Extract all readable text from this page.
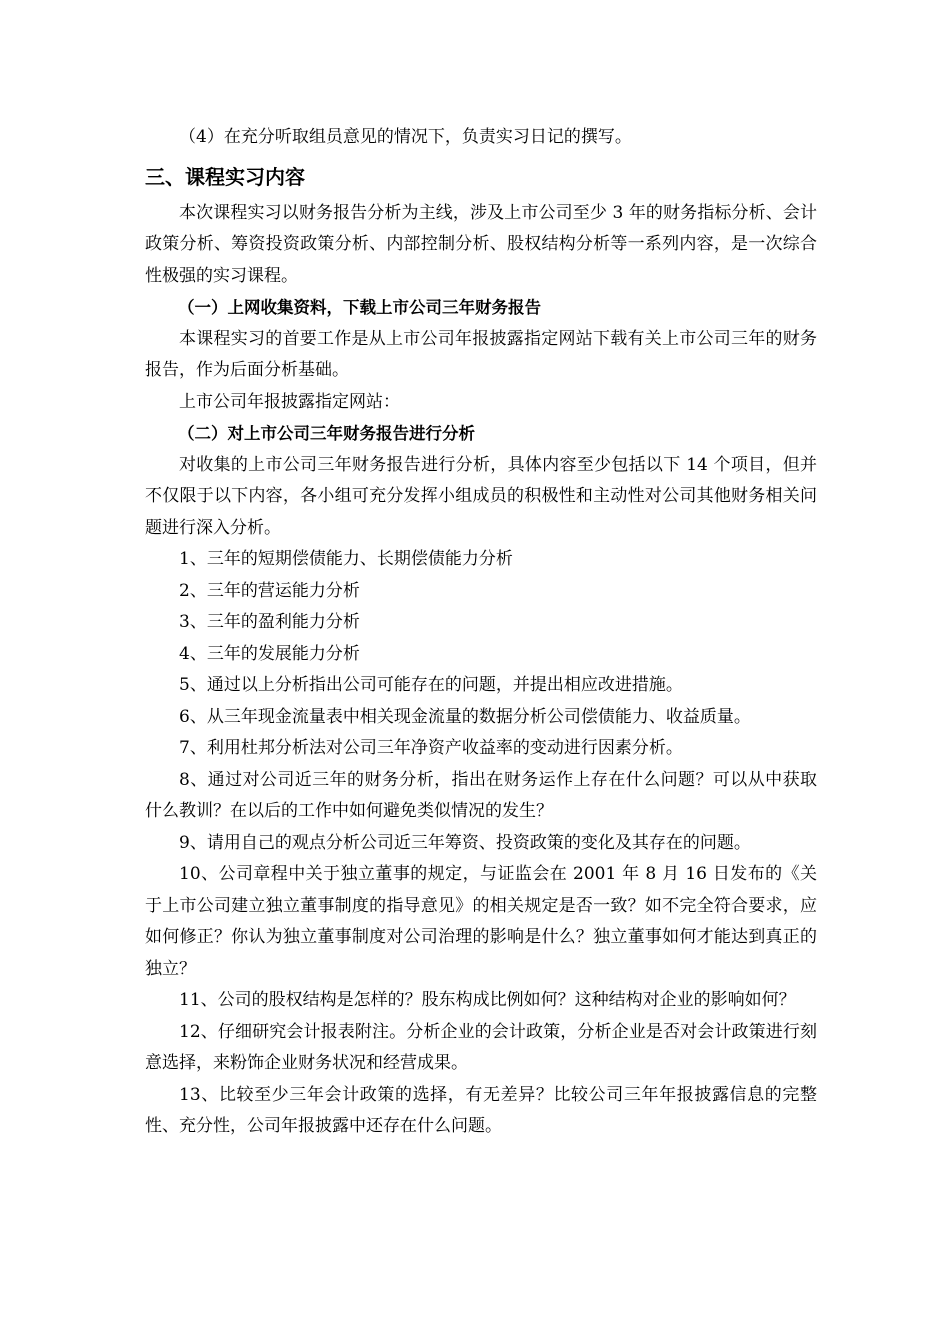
（4）在充分听取组员意见的情况下，负责实习日记的撰写。

三、课程实习内容

本次课程实习以财务报告分析为主线，涉及上市公司至少 3 年的财务指标分析、会计政策分析、筹资投资政策分析、内部控制分析、股权结构分析等一系列内容，是一次综合性极强的实习课程。

（一）上网收集资料，下载上市公司三年财务报告

本课程实习的首要工作是从上市公司年报披露指定网站下载有关上市公司三年的财务报告，作为后面分析基础。

上市公司年报披露指定网站：

（二）对上市公司三年财务报告进行分析

对收集的上市公司三年财务报告进行分析，具体内容至少包括以下 14 个项目，但并不仅限于以下内容，各小组可充分发挥小组成员的积极性和主动性对公司其他财务相关问题进行深入分析。

1、三年的短期偿债能力、长期偿债能力分析

2、三年的营运能力分析

3、三年的盈利能力分析

4、三年的发展能力分析

5、通过以上分析指出公司可能存在的问题，并提出相应改进措施。

6、从三年现金流量表中相关现金流量的数据分析公司偿债能力、收益质量。

7、利用杜邦分析法对公司三年净资产收益率的变动进行因素分析。

8、通过对公司近三年的财务分析，指出在财务运作上存在什么问题？可以从中获取什么教训？在以后的工作中如何避免类似情况的发生？

9、请用自己的观点分析公司近三年筹资、投资政策的变化及其存在的问题。

10、公司章程中关于独立董事的规定，与证监会在 2001 年 8 月 16 日发布的《关于上市公司建立独立董事制度的指导意见》的相关规定是否一致？如不完全符合要求，应如何修正？你认为独立董事制度对公司治理的影响是什么？独立董事如何才能达到真正的独立？

11、公司的股权结构是怎样的？股东构成比例如何？这种结构对企业的影响如何？

12、仔细研究会计报表附注。分析企业的会计政策，分析企业是否对会计政策进行刻意选择，来粉饰企业财务状况和经营成果。

13、比较至少三年会计政策的选择，有无差异？比较公司三年年报披露信息的完整性、充分性，公司年报披露中还存在什么问题。
